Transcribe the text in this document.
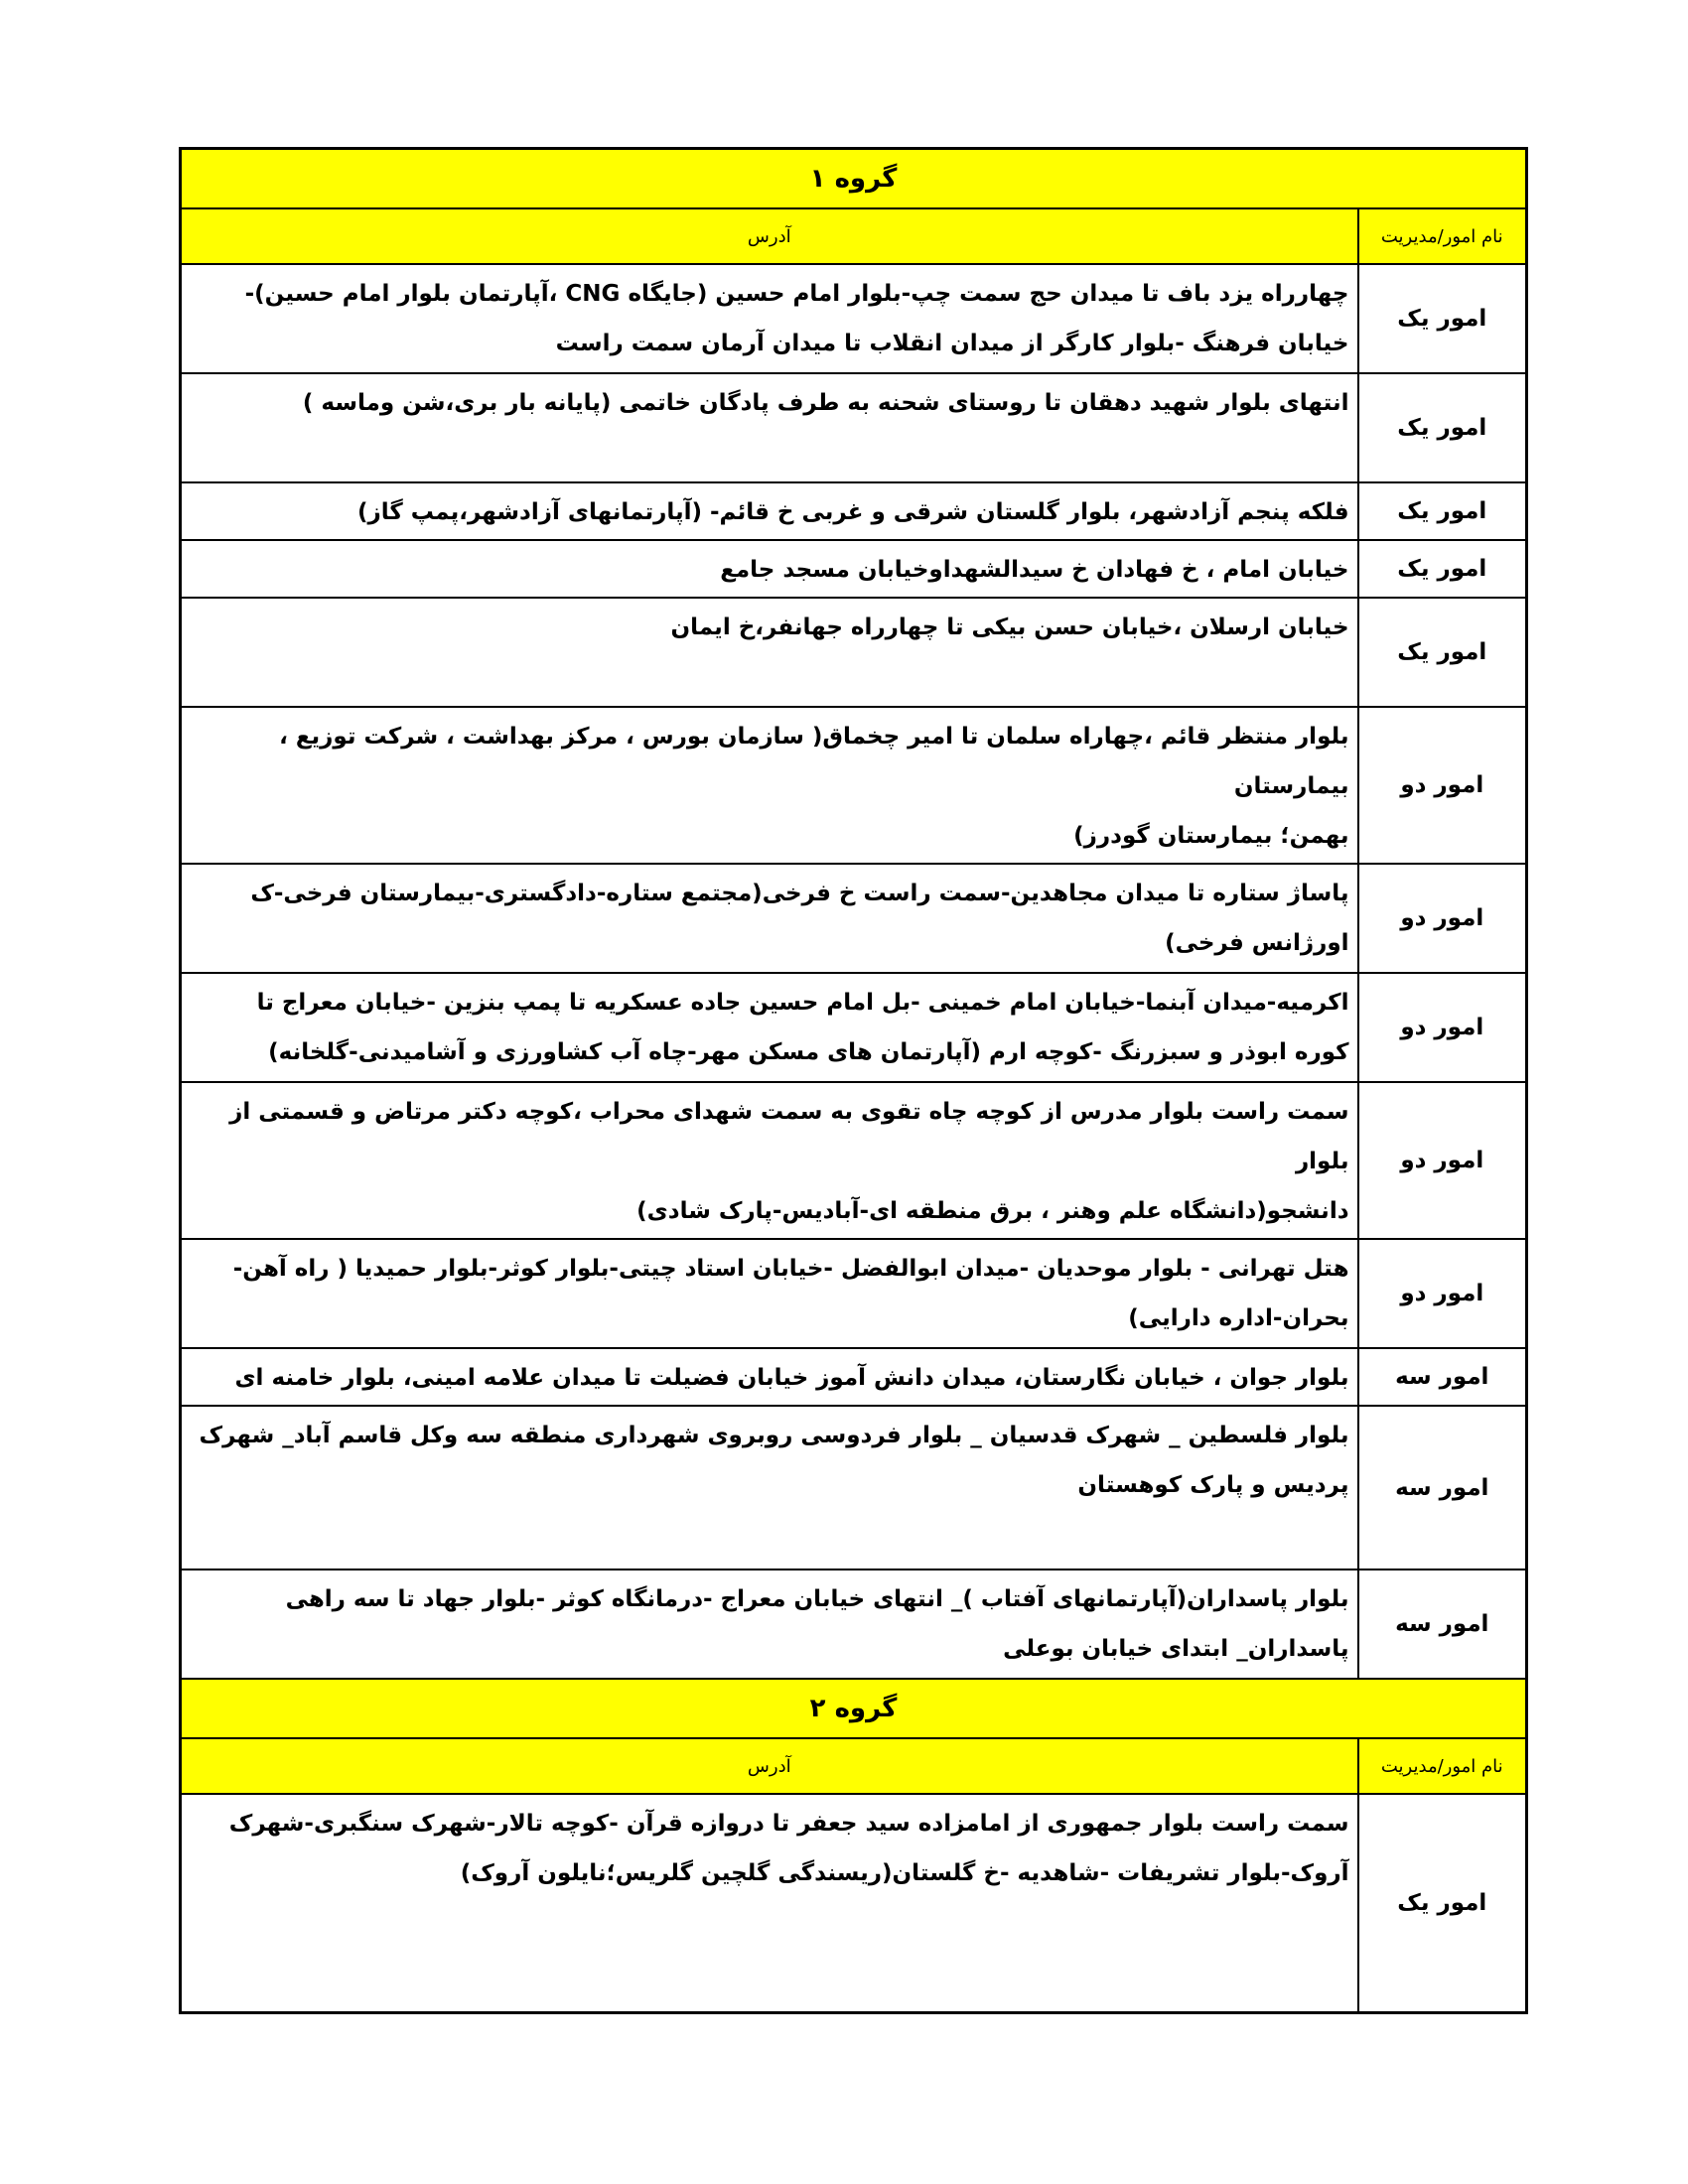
گروه ۱	
نام امور/مدیریت	آدرس
امور یک	چهارراه یزد باف تا میدان حج سمت چپ-بلوار امام حسین (جایگاه CNG ،آپارتمان بلوار امام حسین)-
خیابان فرهنگ -بلوار کارگر از میدان انقلاب تا میدان آرمان سمت راست

امور یک	انتهای بلوار شهید دهقان تا روستای شحنه به طرف پادگان خاتمی (پایانه بار بری،شن وماسه )

امور یک	فلکه پنجم آزادشهر، بلوار گلستان شرقی و غربی خ قائم- (آپارتمانهای آزادشهر،پمپ گاز)

امور یک	خیابان امام ، خ فهادان خ سیدالشهداوخیابان مسجد جامع

امور یک	خیابان ارسلان ،خیابان حسن بیکی تا چهارراه جهانفر،خ ایمان

امور دو	بلوار منتظر قائم ،چهاراه سلمان تا امیر چخماق( سازمان بورس ، مرکز بهداشت ، شرکت توزیع ، بیمارستان
بهمن؛ بیمارستان گودرز)

امور دو	پاساژ ستاره تا میدان مجاهدین-سمت راست خ فرخی(مجتمع ستاره-دادگستری-بیمارستان فرخی-ک
اورژانس فرخی)

امور دو	اکرمیه-میدان آبنما-خیابان امام خمینی -بل امام حسین جاده عسکریه تا پمپ بنزین -خیابان معراج تا
کوره ابوذر و سبزرنگ -کوچه ارم (آپارتمان های مسکن مهر-چاه آب کشاورزی و آشامیدنی-گلخانه)

امور دو	سمت راست بلوار مدرس از کوچه چاه تقوی به سمت شهدای محراب ،کوچه دکتر مرتاض و قسمتی از بلوار
دانشجو(دانشگاه علم وهنر ، برق منطقه ای-آبادیس-پارک شادی)

امور دو	هتل تهرانی - بلوار موحدیان -میدان ابوالفضل -خیابان استاد چیتی-بلوار کوثر-بلوار حمیدیا ( راه آهن-
بحران-اداره دارایی)

امور سه	بلوار جوان ، خیابان نگارستان، میدان دانش آموز خیابان فضیلت تا میدان علامه امینی، بلوار خامنه ای

امور سه	بلوار فلسطین _ شهرک قدسیان _ بلوار فردوسی روبروی شهرداری منطقه سه وکل قاسم آباد_ شهرک
پردیس و پارک کوهستان

امور سه	بلوار پاسداران(آپارتمانهای آفتاب )_ انتهای خیابان معراج -درمانگاه کوثر -بلوار جهاد تا سه راهی
پاسداران_ ابتدای خیابان بوعلی

گروه ۲	
نام امور/مدیریت	آدرس
امور یک	سمت راست بلوار جمهوری از امامزاده سید جعفر تا دروازه قرآن -کوچه تالار-شهرک سنگبری-شهرک
آروک-بلوار تشریفات -شاهدیه -خ گلستان(ریسندگی گلچین گلریس؛نایلون آروک)
